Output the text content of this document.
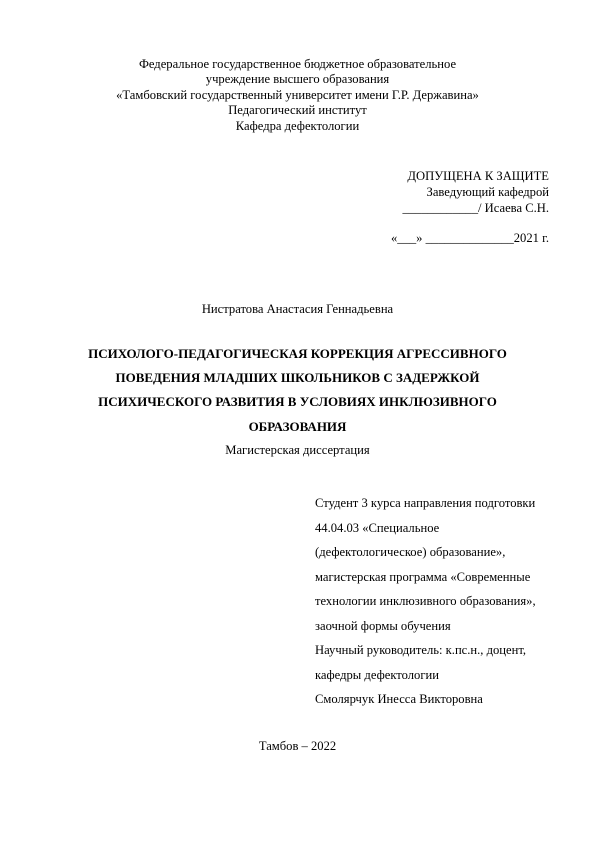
Федеральное государственное бюджетное образовательное
учреждение высшего образования
«Тамбовский государственный университет имени Г.Р. Державина»
Педагогический институт
Кафедра дефектологии
ДОПУЩЕНА К ЗАЩИТЕ
Заведующий кафедрой
____________/ Исаева С.Н.
«___» ______________2021 г.
Нистратова Анастасия Геннадьевна
ПСИХОЛОГО-ПЕДАГОГИЧЕСКАЯ КОРРЕКЦИЯ АГРЕССИВНОГО
ПОВЕДЕНИЯ МЛАДШИХ ШКОЛЬНИКОВ С ЗАДЕРЖКОЙ
ПСИХИЧЕСКОГО РАЗВИТИЯ В УСЛОВИЯХ ИНКЛЮЗИВНОГО
ОБРАЗОВАНИЯ
Магистерская диссертация
Студент 3 курса направления подготовки
44.04.03 «Специальное
(дефектологическое) образование»,
магистерская программа «Современные
технологии инклюзивного образования»,
заочной формы обучения
Научный руководитель: к.пс.н., доцент,
кафедры дефектологии
Смолярчук Инесса Викторовна
Тамбов – 2022
